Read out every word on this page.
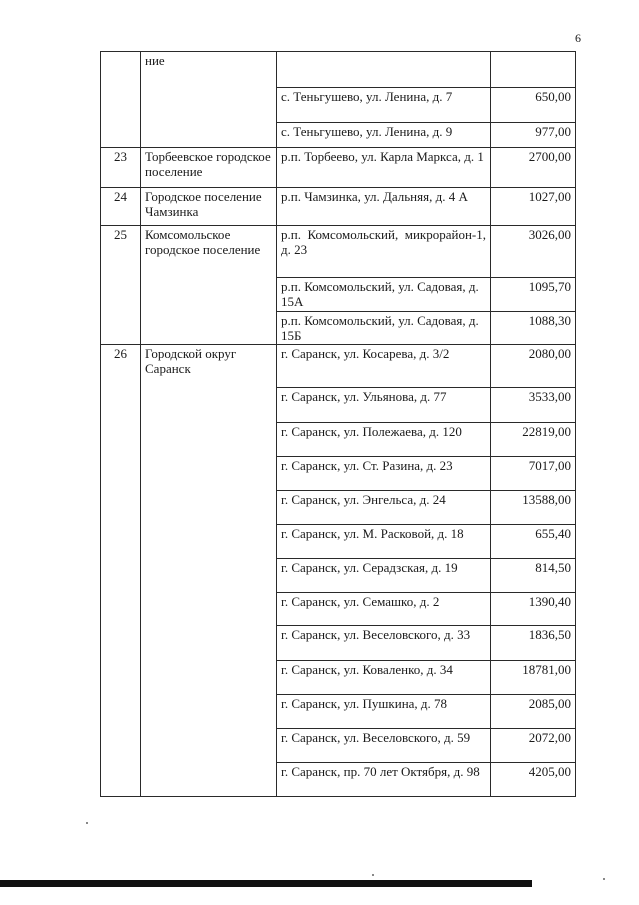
6
	ние		
		с. Теньгушево, ул. Ленина, д. 7	650,00
		с. Теньгушево, ул. Ленина, д. 9	977,00
23	Торбеевское городское поселение	р.п. Торбеево, ул. Карла Маркса, д. 1	2700,00
24	Городское поселение Чамзинка	р.п. Чамзинка, ул. Дальняя, д. 4 А	1027,00
25	Комсомольское городское поселение	р.п. Комсомольский, микрорайон-1, д. 23	3026,00
		р.п. Комсомольский, ул. Садовая, д. 15А	1095,70
		р.п. Комсомольский, ул. Садовая, д. 15Б	1088,30
26	Городской округ Саранск	г. Саранск, ул. Косарева, д. 3/2	2080,00
		г. Саранск, ул. Ульянова, д. 77	3533,00
		г. Саранск, ул. Полежаева, д. 120	22819,00
		г. Саранск, ул. Ст. Разина, д. 23	7017,00
		г. Саранск, ул. Энгельса, д. 24	13588,00
		г. Саранск, ул. М. Расковой, д. 18	655,40
		г. Саранск, ул. Серадзская, д. 19	814,50
		г. Саранск, ул. Семашко, д. 2	1390,40
		г. Саранск, ул. Веселовского, д. 33	1836,50
		г. Саранск, ул. Коваленко, д. 34	18781,00
		г. Саранск, ул. Пушкина, д. 78	2085,00
		г. Саранск, ул. Веселовского, д. 59	2072,00
		г. Саранск, пр. 70 лет Октября, д. 98	4205,00
